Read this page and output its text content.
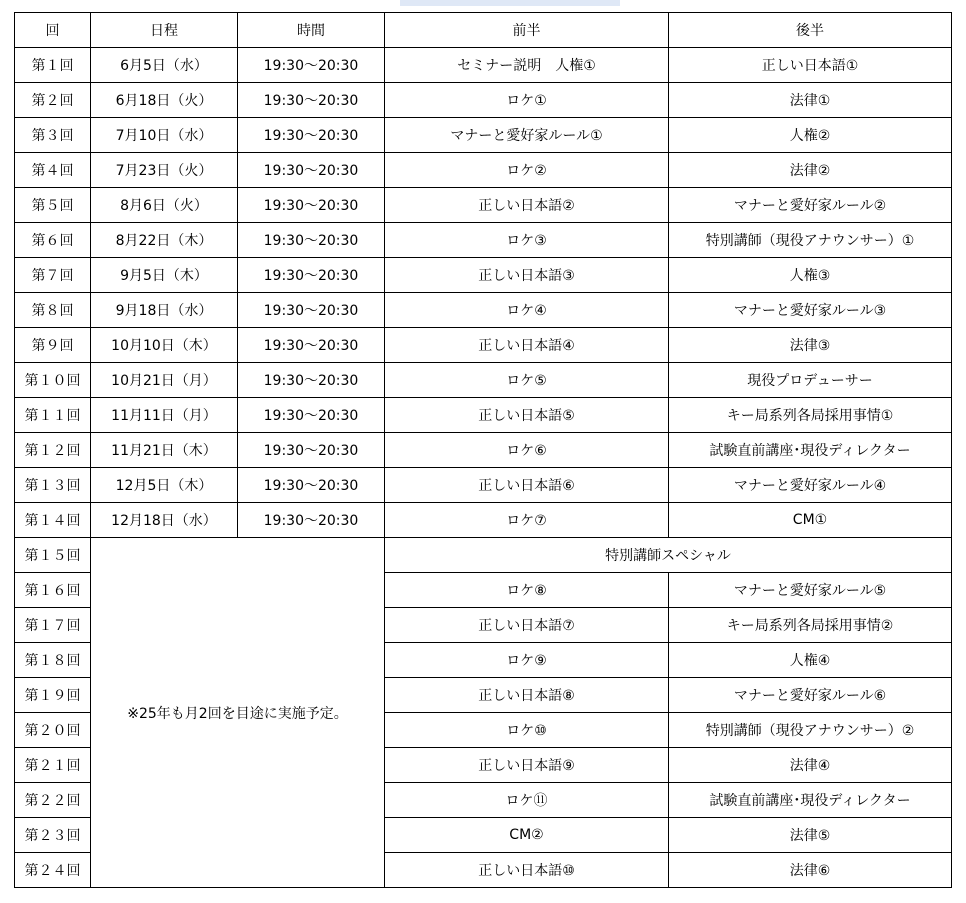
回	日程	時間	前半	後半
第１回	6月5日（水）	19:30～20:30	セミナー説明　人権①	正しい日本語①
第２回	6月18日（火）	19:30～20:30	ロケ①	法律①
第３回	7月10日（水）	19:30～20:30	マナーと愛好家ルール①	人権②
第４回	7月23日（火）	19:30～20:30	ロケ②	法律②
第５回	8月6日（火）	19:30～20:30	正しい日本語②	マナーと愛好家ルール②
第６回	8月22日（木）	19:30～20:30	ロケ③	特別講師（現役アナウンサー）①
第７回	9月5日（木）	19:30～20:30	正しい日本語③	人権③
第８回	9月18日（水）	19:30～20:30	ロケ④	マナーと愛好家ルール③
第９回	10月10日（木）	19:30～20:30	正しい日本語④	法律③
第１０回	10月21日（月）	19:30～20:30	ロケ⑤	現役プロデューサー
第１１回	11月11日（月）	19:30～20:30	正しい日本語⑤	キー局系列各局採用事情①
第１２回	11月21日（木）	19:30～20:30	ロケ⑥	試験直前講座･現役ディレクター
第１３回	12月5日（木）	19:30～20:30	正しい日本語⑥	マナーと愛好家ルール④
第１４回	12月18日（水）	19:30～20:30	ロケ⑦	CM①
第１５回	※25年も月2回を目途に実施予定。		特別講師スペシャル	
第１６回			ロケ⑧	マナーと愛好家ルール⑤
第１７回			正しい日本語⑦	キー局系列各局採用事情②
第１８回			ロケ⑨	人権④
第１９回			正しい日本語⑧	マナーと愛好家ルール⑥
第２０回			ロケ⑩	特別講師（現役アナウンサー）②
第２１回			正しい日本語⑨	法律④
第２２回			ロケ⑪	試験直前講座･現役ディレクター
第２３回			CM②	法律⑤
第２４回			正しい日本語⑩	法律⑥
